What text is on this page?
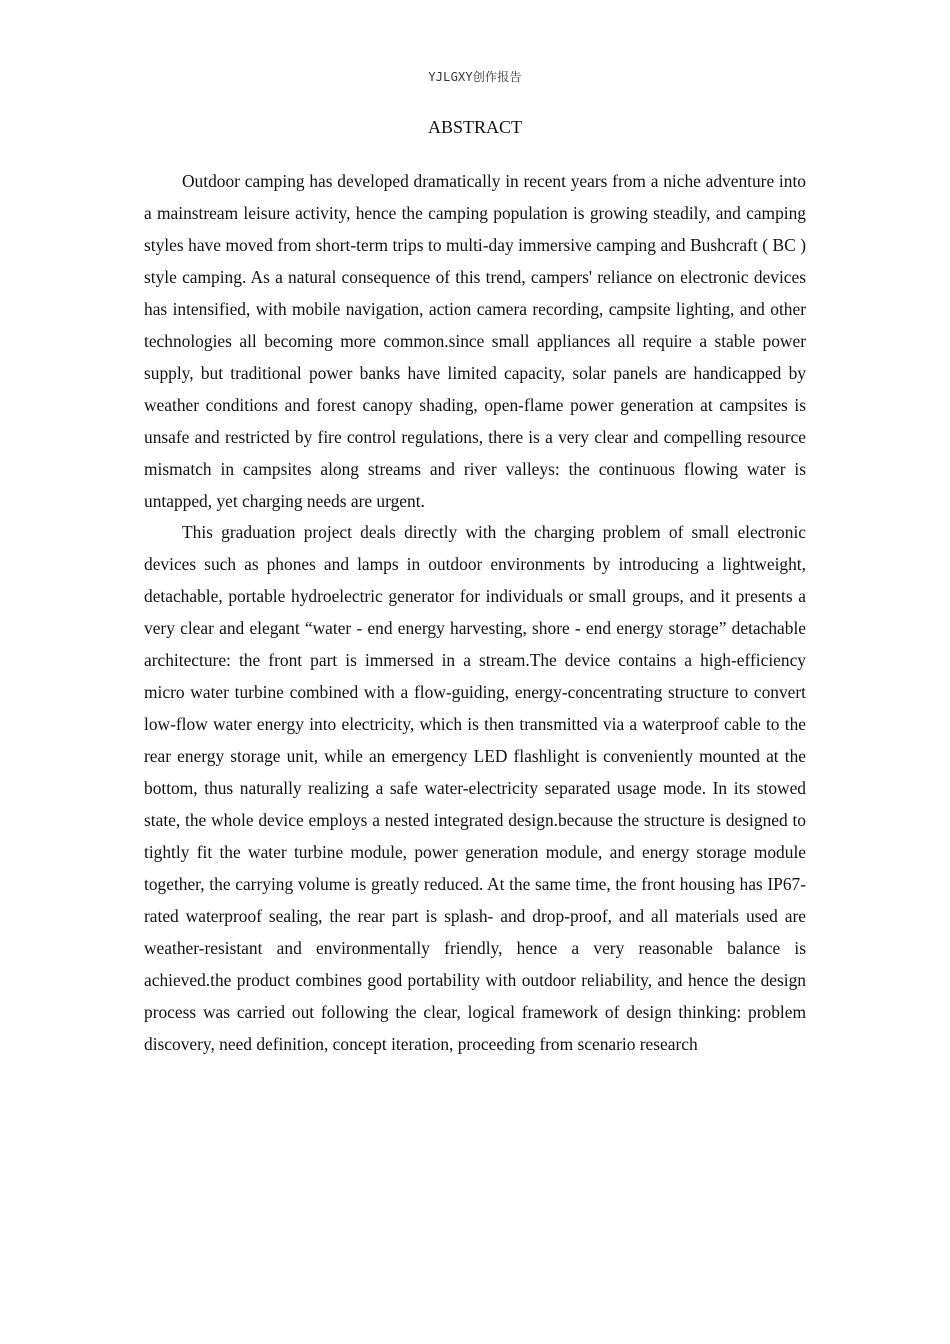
YJLGXY创作报告
ABSTRACT

Outdoor camping has developed dramatically in recent years from a niche adventure into a mainstream leisure activity, hence the camping population is growing steadily, and camping styles have moved from short-term trips to multi-day immersive camping and Bushcraft ( BC ) style camping. As a natural consequence of this trend, campers' reliance on electronic devices has intensified, with mobile navigation, action camera recording, campsite lighting, and other technologies all becoming more common.since small appliances all require a stable power supply, but traditional power banks have limited capacity, solar panels are handicapped by weather conditions and forest canopy shading, open-flame power generation at campsites is unsafe and restricted by fire control regulations, there is a very clear and compelling resource mismatch in campsites along streams and river valleys: the continuous flowing water is untapped, yet charging needs are urgent.

This graduation project deals directly with the charging problem of small electronic devices such as phones and lamps in outdoor environments by introducing a lightweight, detachable, portable hydroelectric generator for individuals or small groups, and it presents a very clear and elegant “water - end energy harvesting, shore - end energy storage” detachable architecture: the front part is immersed in a stream.The device contains a high-efficiency micro water turbine combined with a flow-guiding, energy-concentrating structure to convert low-flow water energy into electricity, which is then transmitted via a waterproof cable to the rear energy storage unit, while an emergency LED flashlight is conveniently mounted at the bottom, thus naturally realizing a safe water-electricity separated usage mode. In its stowed state, the whole device employs a nested integrated design.because the structure is designed to tightly fit the water turbine module, power generation module, and energy storage module together, the carrying volume is greatly reduced. At the same time, the front housing has IP67-rated waterproof sealing, the rear part is splash- and drop-proof, and all materials used are weather-resistant and environmentally friendly, hence a very reasonable balance is achieved.the product combines good portability with outdoor reliability, and hence the design process was carried out following the clear, logical framework of design thinking: problem discovery, need definition, concept iteration, proceeding from scenario research
